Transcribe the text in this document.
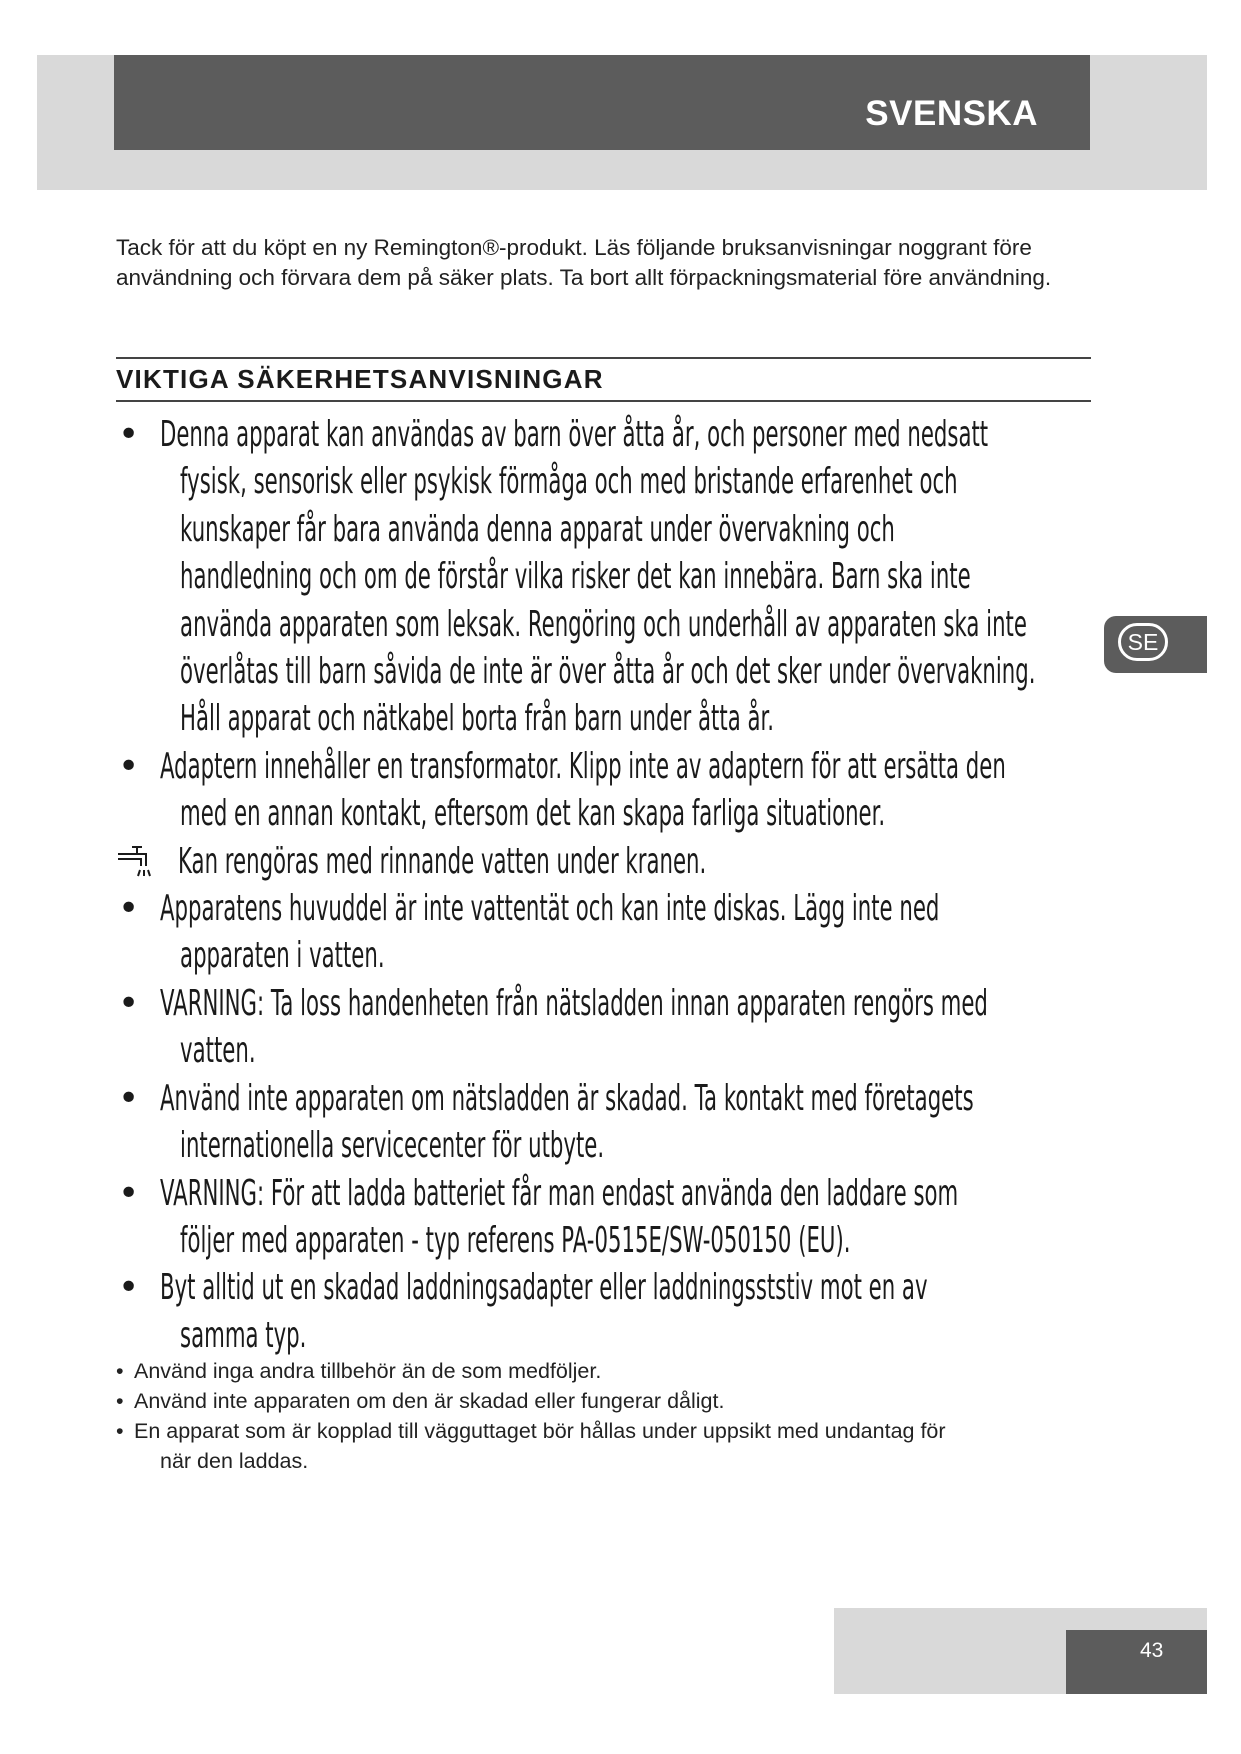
SVENSKA

Tack för att du köpt en ny Remington®-produkt. Läs följande bruksanvisningar noggrant före användning och förvara dem på säker plats. Ta bort allt förpackningsmaterial före användning.

VIKTIGA SÄKERHETSANVISNINGAR
• Denna apparat kan användas av barn över åtta år, och personer med nedsatt
fysisk, sensorisk eller psykisk förmåga och med bristande erfarenhet och
kunskaper får bara använda denna apparat under övervakning och
handledning och om de förstår vilka risker det kan innebära. Barn ska inte
använda apparaten som leksak. Rengöring och underhåll av apparaten ska inte
överlåtas till barn såvida de inte är över åtta år och det sker under övervakning.
Håll apparat och nätkabel borta från barn under åtta år.
• Adaptern innehåller en transformator. Klipp inte av adaptern för att ersätta den
med en annan kontakt, eftersom det kan skapa farliga situationer.
Kan rengöras med rinnande vatten under kranen.
• Apparatens huvuddel är inte vattentät och kan inte diskas. Lägg inte ned
apparaten i vatten.
• VARNING: Ta loss handenheten från nätsladden innan apparaten rengörs med
vatten.
• Använd inte apparaten om nätsladden är skadad. Ta kontakt med företagets
internationella servicecenter för utbyte.
• VARNING: För att ladda batteriet får man endast använda den laddare som
följer med apparaten - typ referens PA-0515E/SW-050150 (EU).
• Byt alltid ut en skadad laddningsadapter eller laddningsststiv mot en av
samma typ.
• Använd inga andra tillbehör än de som medföljer.
• Använd inte apparaten om den är skadad eller fungerar dåligt.
• En apparat som är kopplad till vägguttaget bör hållas under uppsikt med undantag för
när den laddas.
SE

43
